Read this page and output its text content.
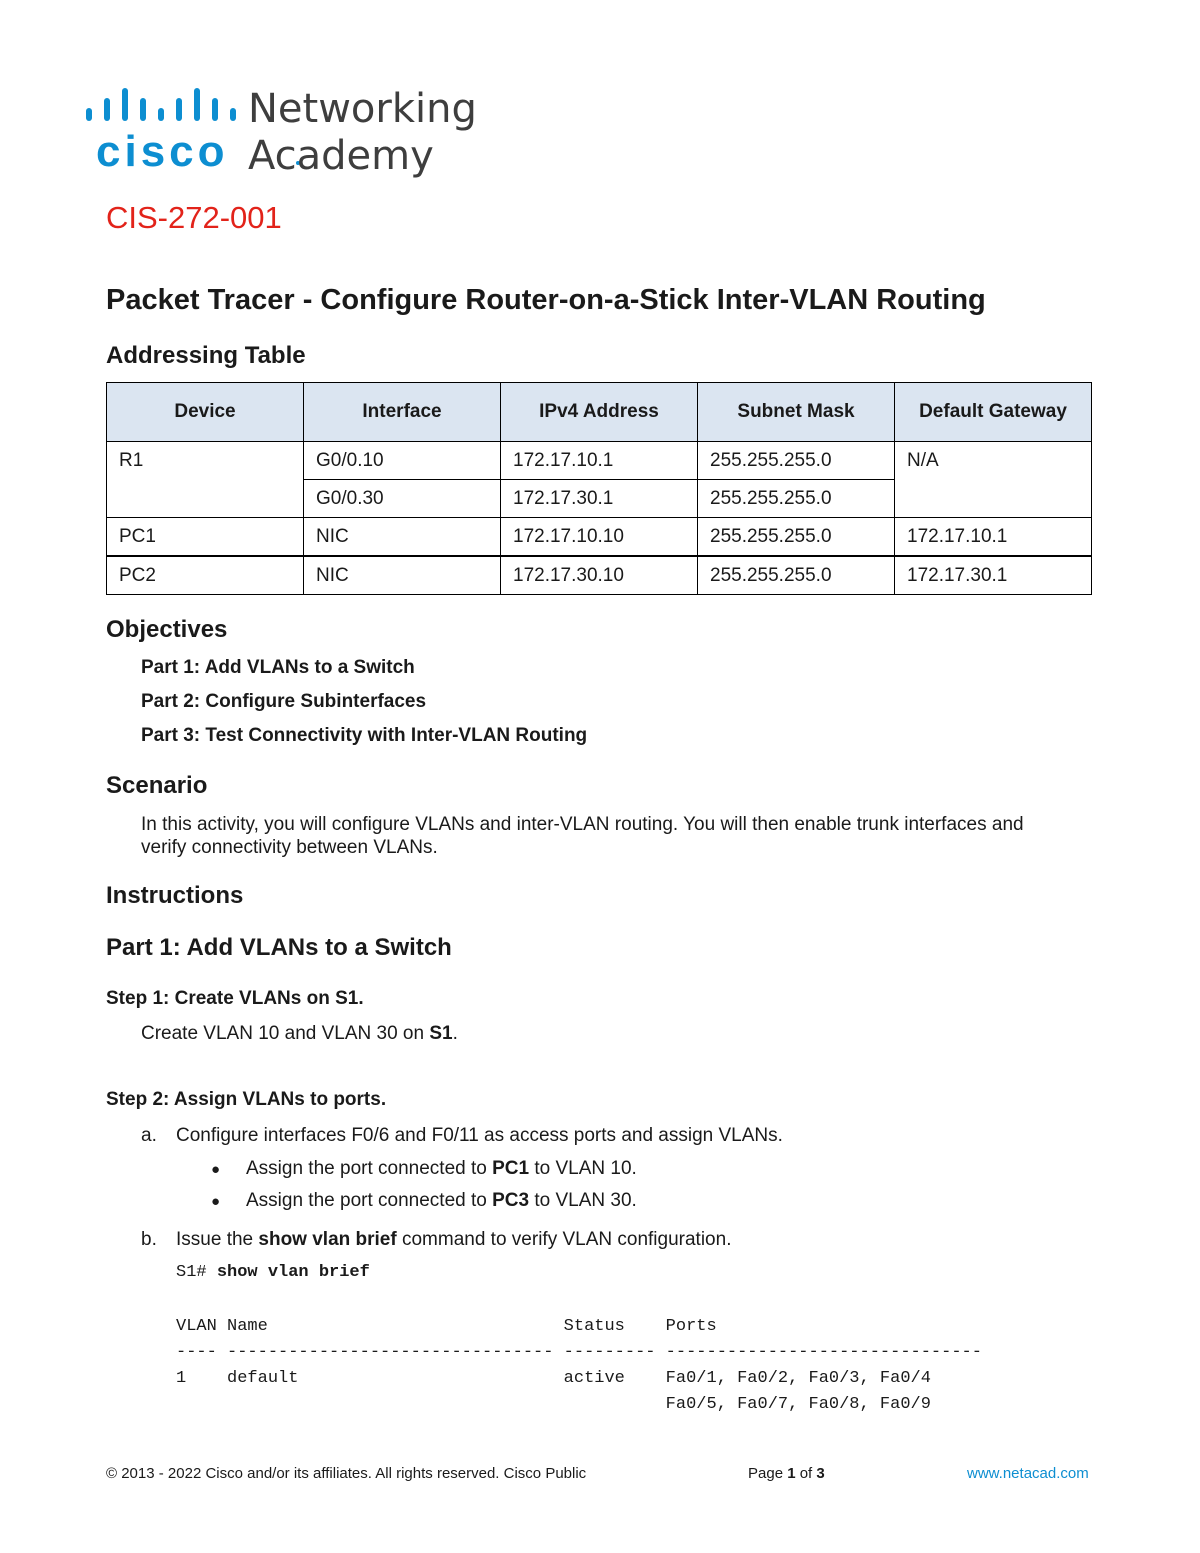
cisco
Networking
Academy
CIS-272-001
Packet Tracer - Configure Router-on-a-Stick Inter-VLAN Routing
Addressing Table
Device	Interface	IPv4 Address	Subnet Mask	Default Gateway
R1	G0/0.10	172.17.10.1	255.255.255.0	N/A
	G0/0.30	172.17.30.1	255.255.255.0	
PC1	NIC	172.17.10.10	255.255.255.0	172.17.10.1
PC2	NIC	172.17.30.10	255.255.255.0	172.17.30.1
Objectives
Part 1: Add VLANs to a Switch
Part 2: Configure Subinterfaces
Part 3: Test Connectivity with Inter-VLAN Routing
Scenario
In this activity, you will configure VLANs and inter-VLAN routing. You will then enable trunk interfaces and verify connectivity between VLANs.
Instructions
Part 1: Add VLANs to a Switch
Step 1: Create VLANs on S1.
Create VLAN 10 and VLAN 30 on S1.
Step 2: Assign VLANs to ports.
a. Configure interfaces F0/6 and F0/11 as access ports and assign VLANs.
● Assign the port connected to PC1 to VLAN 10.
● Assign the port connected to PC3 to VLAN 30.
b. Issue the show vlan brief command to verify VLAN configuration.
S1# show vlan brief
VLAN Name                             Status    Ports
---- -------------------------------- --------- -------------------------------
1    default                          active    Fa0/1, Fa0/2, Fa0/3, Fa0/4
Fa0/5, Fa0/7, Fa0/8, Fa0/9
© 2013 - 2022 Cisco and/or its affiliates. All rights reserved. Cisco Public	Page 1 of 3	www.netacad.com
